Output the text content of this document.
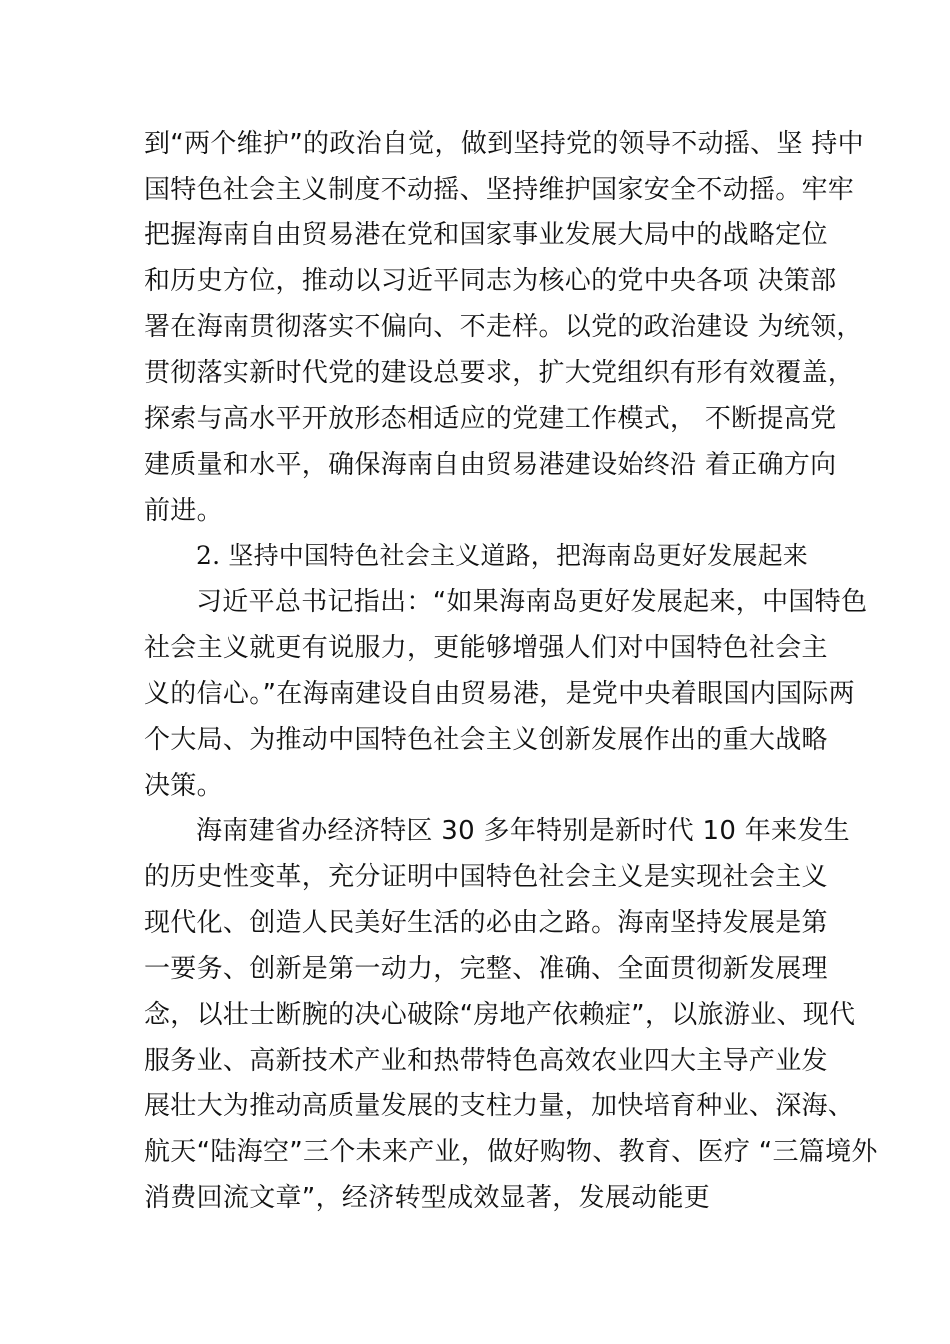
到“两个维护”的政治自觉，做到坚持党的领导不动摇、坚 持中

国特色社会主义制度不动摇、坚持维护国家安全不动摇。牢牢

把握海南自由贸易港在党和国家事业发展大局中的战略定位

和历史方位，推动以习近平同志为核心的党中央各项 决策部

署在海南贯彻落实不偏向、不走样。以党的政治建设 为统领，

贯彻落实新时代党的建设总要求，扩大党组织有形有效覆盖，

探索与高水平开放形态相适应的党建工作模式， 不断提高党

建质量和水平，确保海南自由贸易港建设始终沿 着正确方向

前进。

2. 坚持中国特色社会主义道路，把海南岛更好发展起来

习近平总书记指出：“如果海南岛更好发展起来，中国特色

社会主义就更有说服力，更能够增强人们对中国特色社会主

义的信心。”在海南建设自由贸易港，是党中央着眼国内国际两

个大局、为推动中国特色社会主义创新发展作出的重大战略

决策。

海南建省办经济特区 30 多年特别是新时代 10 年来发生

的历史性变革，充分证明中国特色社会主义是实现社会主义

现代化、创造人民美好生活的必由之路。海南坚持发展是第

一要务、创新是第一动力，完整、准确、全面贯彻新发展理

念，以壮士断腕的决心破除“房地产依赖症”，以旅游业、现代

服务业、高新技术产业和热带特色高效农业四大主导产业发

展壮大为推动高质量发展的支柱力量，加快培育种业、深海、

航天“陆海空”三个未来产业，做好购物、教育、医疗 “三篇境外

消费回流文章”，经济转型成效显著，发展动能更
